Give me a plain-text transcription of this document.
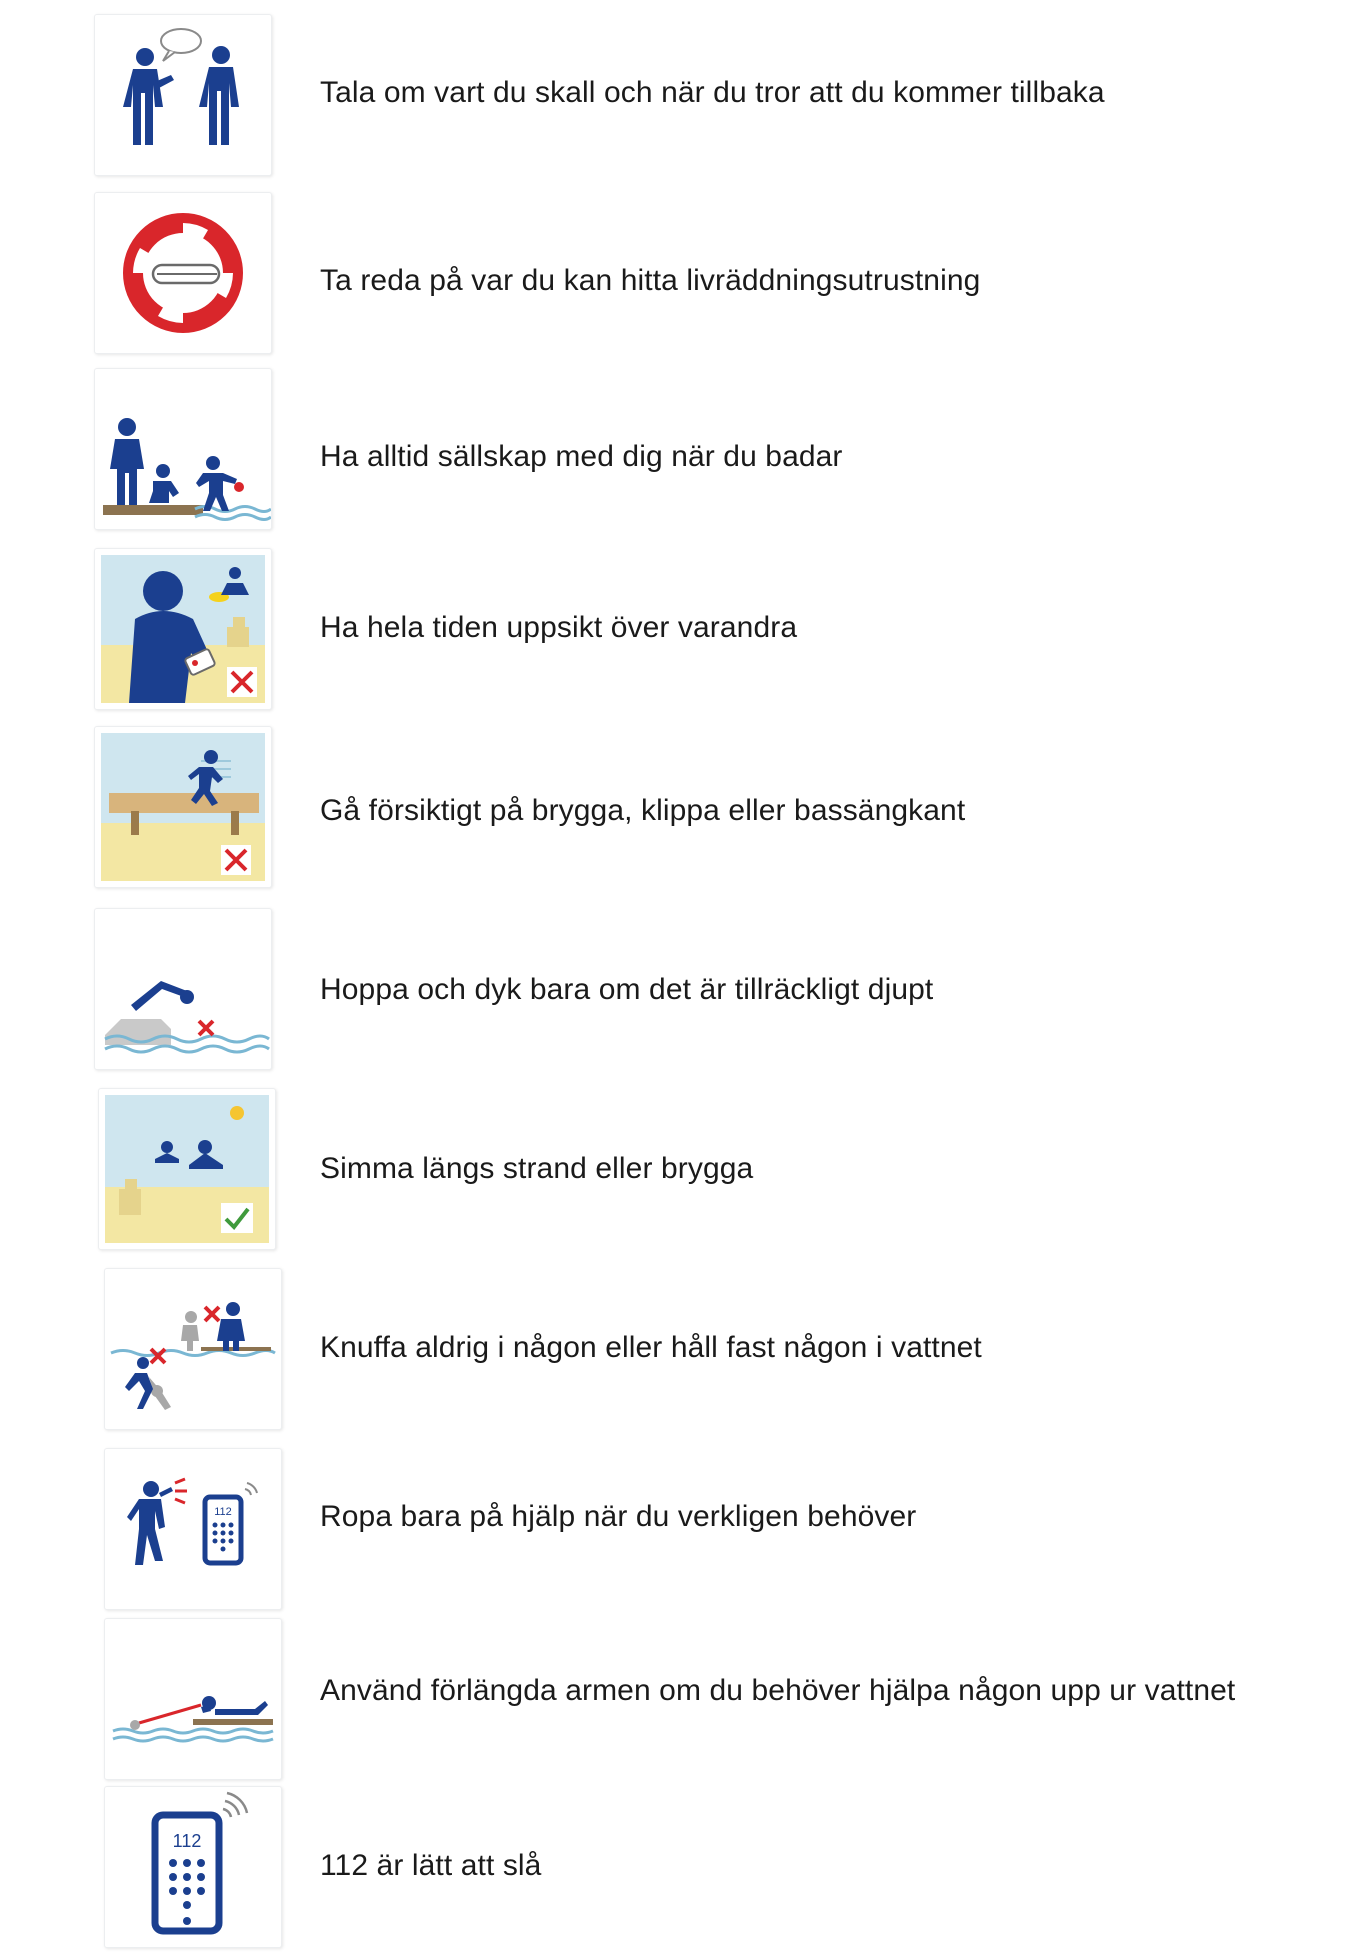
Tala om vart du skall och när du tror att du kommer tillbaka
Ta reda på var du kan hitta livräddningsutrustning
Ha alltid sällskap med dig när du badar
Ha hela tiden uppsikt över varandra
Gå försiktigt på brygga, klippa eller bassängkant
Hoppa och dyk bara om det är tillräckligt djupt
Simma längs strand eller brygga
Knuffa aldrig i någon eller håll fast någon i vattnet
112	Ropa bara på hjälp när du verkligen behöver
Använd förlängda armen om du behöver hjälpa någon upp ur vattnet
112
112 är lätt att slå
